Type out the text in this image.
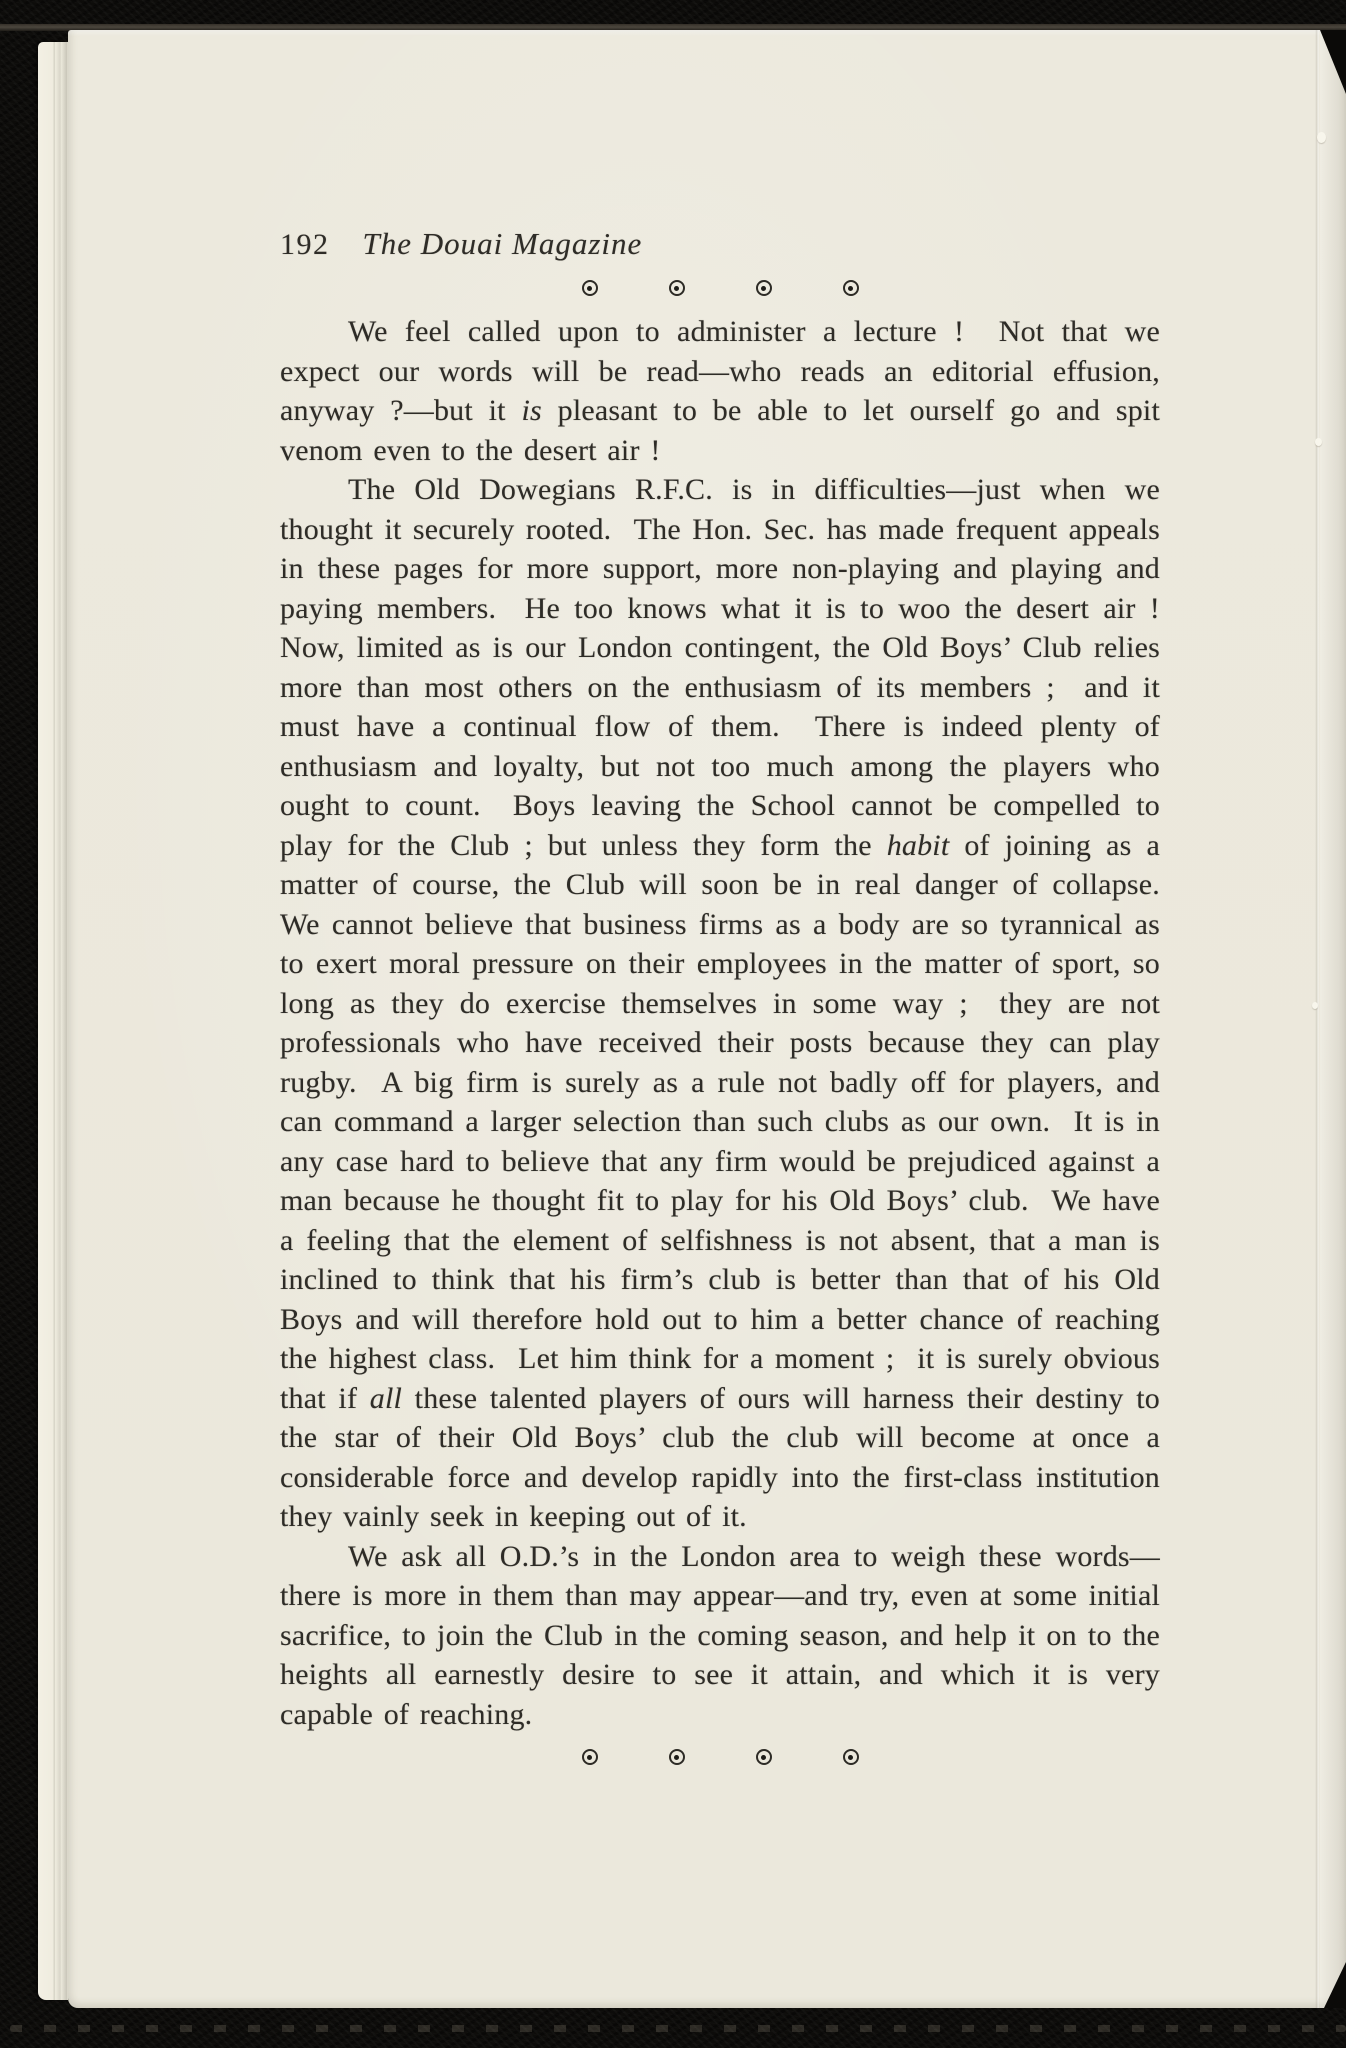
192 The Douai Magazine

We feel called upon to administer a lecture !  Not that we expect our words will be read—who reads an editorial effusion, anyway ?—but it is pleasant to be able to let ourself go and spit venom even to the desert air !

The Old Dowegians R.F.C. is in difficulties—just when we thought it securely rooted.  The Hon. Sec. has made frequent appeals in these pages for more support, more non-playing and playing and paying members.  He too knows what it is to woo the desert air !  Now, limited as is our London contingent, the Old Boys’ Club relies more than most others on the enthusiasm of its members ;  and it must have a continual flow of them.  There is indeed plenty of enthusiasm and loyalty, but not too much among the players who ought to count.  Boys leaving the School cannot be compelled to play for the Club ; but unless they form the habit of joining as a matter of course, the Club will soon be in real danger of collapse.  We cannot believe that business firms as a body are so tyrannical as to exert moral pressure on their employees in the matter of sport, so long as they do exercise themselves in some way ;  they are not professionals who have received their posts because they can play rugby.  A big firm is surely as a rule not badly off for players, and can command a larger selection than such clubs as our own.  It is in any case hard to believe that any firm would be prejudiced against a man because he thought fit to play for his Old Boys’ club.  We have a feeling that the element of selfishness is not absent, that a man is inclined to think that his firm’s club is better than that of his Old Boys and will therefore hold out to him a better chance of reaching the highest class.  Let him think for a moment ;  it is surely obvious that if all these talented players of ours will harness their destiny to the star of their Old Boys’ club the club will become at once a considerable force and develop rapidly into the first-class institution they vainly seek in keeping out of it.

We ask all O.D.’s in the London area to weigh these words—there is more in them than may appear—and try, even at some initial sacrifice, to join the Club in the coming season, and help it on to the heights all earnestly desire to see it attain, and which it is very capable of reaching.
